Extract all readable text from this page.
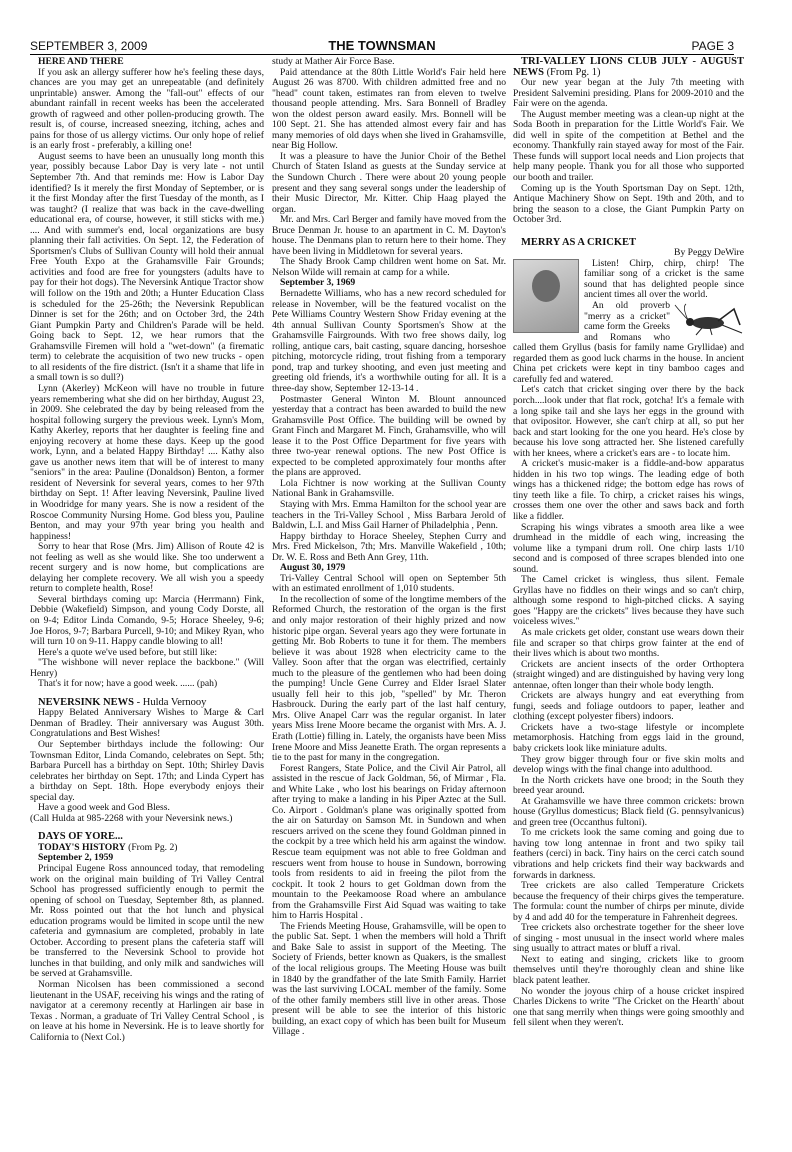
SEPTEMBER 3, 2009	THE TOWNSMAN	PAGE 3

HERE AND THERE

If you ask an allergy sufferer how he's feeling these days, chances are you may get an unrepeatable (and definitely unprintable) answer. Among the "fall-out" effects of our abundant rainfall in recent weeks has been the accelerated growth of ragweed and other pollen-producing growth. The result is, of course, increased sneezing, itching, aches and pains for those of us allergy victims. Our only hope of relief is an early frost - preferably, a killing one!

August seems to have been an unusually long month this year, possibly because Labor Day is very late - not until September 7th. And that reminds me: How is Labor Day identified? Is it merely the first Monday of September, or is it the first Monday after the first Tuesday of the month, as I was taught? (I realize that was back in the cave-dwelling educational era, of course, however, it still sticks with me.) .... And with summer's end, local organizations are busy planning their fall activities. On Sept. 12, the Federation of Sportsmen's Clubs of Sullivan County will hold their annual Free Youth Expo at the Grahamsville Fair Grounds; activities and food are free for youngsters (adults have to pay for their hot dogs). The Neversink Antique Tractor show will follow on the 19th and 20th; a Hunter Education Class is scheduled for the 25-26th; the Neversink Republican Dinner is set for the 26th; and on October 3rd, the 24th Giant Pumpkin Party and Children's Parade will be held. Going back to Sept. 12, we hear rumors that the Grahamsville Firemen will hold a "wet-down" (a firematic term) to celebrate the acquisition of two new trucks - open to all residents of the fire district. (Isn't it a shame that life in a small town is so dull?)

Lynn (Akerley) McKeon will have no trouble in future years remembering what she did on her birthday, August 23, in 2009. She celebrated the day by being released from the hospital following surgery the previous week. Lynn's Mom, Kathy Akerley, reports that her daughter is feeling fine and enjoying recovery at home these days. Keep up the good work, Lynn, and a belated Happy Birthday! .... Kathy also gave us another news item that will be of interest to many "seniors" in the area: Pauline (Donaldson) Benton, a former resident of Neversink for several years, comes to her 97th birthday on Sept. 1! After leaving Neversink, Pauline lived in Woodridge for many years. She is now a resident of the Roscoe Community Nursing Home. God bless you, Pauline Benton, and may your 97th year bring you health and happiness!

Sorry to hear that Rose (Mrs. Jim) Allison of Route 42 is not feeling as well as she would like. She too underwent a recent surgery and is now home, but complications are delaying her complete recovery. We all wish you a speedy return to complete health, Rose!

Several birthdays coming up: Marcia (Herrmann) Fink, Debbie (Wakefield) Simpson, and young Cody Dorste, all on 9-4; Editor Linda Comando, 9-5; Horace Sheeley, 9-6; Joe Horos, 9-7; Barbara Purcell, 9-10; and Mikey Ryan, who will turn 10 on 9-11. Happy candle blowing to all!

Here's a quote we've used before, but still like:

"The wishbone will never replace the backbone." (Will Henry)

That's it for now; have a good week. ...... (pah)

NEVERSINK NEWS - Hulda Vernooy

Happy Belated Anniversary Wishes to Marge & Carl Denman of Bradley. Their anniversary was August 30th. Congratulations and Best Wishes!

Our September birthdays include the following: Our Townsman Editor, Linda Comando, celebrates on Sept. 5th; Barbara Purcell has a birthday on Sept. 10th; Shirley Davis celebrates her birthday on Sept. 17th; and Linda Cypert has a birthday on Sept. 18th. Hope everybody enjoys their special day.

Have a good week and God Bless.

(Call Hulda at 985-2268 with your Neversink news.)

DAYS OF YORE...

TODAY'S HISTORY (From Pg. 2)

September 2, 1959

Principal Eugene Ross announced today, that remodeling work on the original main building of Tri Valley Central School has progressed sufficiently enough to permit the opening of school on Tuesday, September 8th, as planned. Mr. Ross pointed out that the hot lunch and physical education programs would be limited in scope until the new cafeteria and gymnasium are completed, probably in late October. According to present plans the cafeteria staff will be transferred to the Neversink School to provide hot lunches in that building, and only milk and sandwiches will be served at Grahamsville.

Norman Nicolsen has been commissioned a second lieutenant in the USAF, receiving his wings and the rating of navigator at a ceremony recently at Harlingen air base in Texas . Norman, a graduate of Tri Valley Central School , is on leave at his home in Neversink. He is to leave shortly for California to (Next Col.)

study at Mather Air Force Base.

Paid attendance at the 80th Little World's Fair held here August 26 was 8700. With children admitted free and no "head" count taken, estimates ran from eleven to twelve thousand people attending. Mrs. Sara Bonnell of Bradley won the oldest person award easily. Mrs. Bonnell will be 100 Sept. 21. She has attended almost every fair and has many memories of old days when she lived in Grahamsville, near Big Hollow.

It was a pleasure to have the Junior Choir of the Bethel Church of Staten Island as guests at the Sunday service at the Sundown Church . There were about 20 young people present and they sang several songs under the leadership of their Music Director, Mr. Kitter. Chip Haag played the organ.

Mr. and Mrs. Carl Berger and family have moved from the Bruce Denman Jr. house to an apartment in C. M. Dayton's house. The Denmans plan to return here to their home. They have been living in Middletown for several years.

The Shady Brook Camp children went home on Sat. Mr. Nelson Wilde will remain at camp for a while.

September 3, 1969

Bernadette Williams, who has a new record scheduled for release in November, will be the featured vocalist on the Pete Williams Country Western Show Friday evening at the 4th annual Sullivan County Sportsmen's Show at the Grahamsville Fairgrounds. With two free shows daily, log rolling, antique cars, bait casting, square dancing, horseshoe pitching, motorcycle riding, trout fishing from a temporary pond, trap and turkey shooting, and even just meeting and greeting old friends, it's a worthwhile outing for all. It is a three-day show, September 12-13-14 .

Postmaster General Winton M. Blount announced yesterday that a contract has been awarded to build the new Grahamsville Post Office. The building will be owned by Grant Finch and Margaret M. Finch, Grahamsville, who will lease it to the Post Office Department for five years with three two-year renewal options. The new Post Office is expected to be completed approximately four months after the plans are approved.

Lola Fichtner is now working at the Sullivan County National Bank in Grahamsville.

Staying with Mrs. Emma Hamilton for the school year are teachers in the Tri-Valley School , Miss Barbara Jerold of Baldwin, L.I. and Miss Gail Harner of Philadelphia , Penn.

Happy birthday to Horace Sheeley, Stephen Curry and Mrs. Fred Mickelson, 7th; Mrs. Manville Wakefield , 10th; Dr. W. E. Ross and Beth Ann Grey, 11th.

August 30, 1979

Tri-Valley Central School will open on September 5th with an estimated enrollment of 1,010 students.

In the recollection of some of the longtime members of the Reformed Church, the restoration of the organ is the first and only major restoration of their highly prized and now historic pipe organ. Several years ago they were fortunate in getting Mr. Bob Roberts to tune it for them. The members believe it was about 1928 when electricity came to the Valley. Soon after that the organ was electrified, certainly much to the pleasure of the gentlemen who had been doing the pumping! Uncle Gene Currey and Elder Israel Slater usually fell heir to this job, "spelled" by Mr. Theron Hasbrouck. During the early part of the last half century, Mrs. Olive Anapel Carr was the regular organist. In later years Miss Irene Moore became the organist with Mrs. A. J. Erath (Lottie) filling in. Lately, the organists have been Miss Irene Moore and Miss Jeanette Erath. The organ represents a tie to the past for many in the congregation.

Forest Rangers, State Police, and the Civil Air Patrol, all assisted in the rescue of Jack Goldman, 56, of Mirmar , Fla. and White Lake , who lost his bearings on Friday afternoon after trying to make a landing in his Piper Aztec at the Sull. Co. Airport . Goldman's plane was originally spotted from the air on Saturday on Samson Mt. in Sundown and when rescuers arrived on the scene they found Goldman pinned in the cockpit by a tree which held his arm against the window. Rescue team equipment was not able to free Goldman and rescuers went from house to house in Sundown, borrowing tools from residents to aid in freeing the pilot from the cockpit. It took 2 hours to get Goldman down from the mountain to the Peekamoose Road where an ambulance from the Grahamsville First Aid Squad was waiting to take him to Harris Hospital .

The Friends Meeting House, Grahamsville, will be open to the public Sat. Sept. 1 when the members will hold a Thrift and Bake Sale to assist in support of the Meeting. The Society of Friends, better known as Quakers, is the smallest of the local religious groups. The Meeting House was built in 1840 by the grandfather of the late Smith Family. Harriet was the last surviving LOCAL member of the family. Some of the other family members still live in other areas. Those present will be able to see the interior of this historic building, an exact copy of which has been built for Museum Village .

TRI-VALLEY LIONS CLUB JULY - AUGUST NEWS (From Pg. 1)

Our new year began at the July 7th meeting with President Salvemini presiding. Plans for 2009-2010 and the Fair were on the agenda.

The August member meeting was a clean-up night at the Soda Booth in preparation for the Little World's Fair. We did well in spite of the competition at Bethel and the economy. Thankfully rain stayed away for most of the Fair. These funds will support local needs and Lion projects that help many people. Thank you for all those who supported our booth and trailer.

Coming up is the Youth Sportsman Day on Sept. 12th, Antique Machinery Show on Sept. 19th and 20th, and to bring the season to a close, the Giant Pumpkin Party on October 3rd.

MERRY AS A CRICKET

By Peggy DeWire

Listen! Chirp, chirp, chirp! The familiar song of a cricket is the same sound that has delighted people since ancient times all over the world.

An old proverb "merry as a cricket" came form the Greeks and Romans who called them Gryllus (basis for family name Gryllidae) and regarded them as good luck charms in the house. In ancient China pet crickets were kept in tiny bamboo cages and carefully fed and watered.

Let's catch that cricket singing over there by the back porch....look under that flat rock, gotcha! It's a female with a long spike tail and she lays her eggs in the ground with that ovipositor. However, she can't chirp at all, so put her back and start looking for the one you heard. He's close by because his love song attracted her. She listened carefully with her knees, where a cricket's ears are - to locate him.

A cricket's music-maker is a fiddle-and-bow apparatus hidden in his two top wings. The leading edge of both wings has a thickened ridge; the bottom edge has rows of tiny teeth like a file. To chirp, a cricket raises his wings, crosses them one over the other and saws back and forth like a fiddler.

Scraping his wings vibrates a smooth area like a wee drumhead in the middle of each wing, increasing the volume like a tympani drum roll. One chirp lasts 1/10 second and is composed of three scrapes blended into one sound.

The Camel cricket is wingless, thus silent. Female Gryllas have no fiddles on their wings and so can't chirp, although some respond to high-pitched clicks. A saying goes "Happy are the crickets" lives because they have such voiceless wives."

As male crickets get older, constant use wears down their file and scraper so that chirps grow fainter at the end of their lives which is about two months.

Crickets are ancient insects of the order Orthoptera (straight winged) and are distinguished by having very long antennae, often longer than their whole body length.

Crickets are always hungry and eat everything from fungi, seeds and foliage outdoors to paper, leather and clothing (except polyester fibers) indoors.

Crickets have a two-stage lifestyle or incomplete metamorphosis. Hatching from eggs laid in the ground, baby crickets look like miniature adults.

They grow bigger through four or five skin molts and develop wings with the final change into adulthood.

In the North crickets have one brood; in the South they breed year around.

At Grahamsville we have three common crickets: brown house (Gryllus domesticus; Black field (G. pennsylvanicus) and green tree (Occanthus fultoni).

To me crickets look the same coming and going due to having tow long antennae in front and two spiky tail feathers (cerci) in back. Tiny hairs on the cerci catch sound vibrations and help crickets find their way backwards and forwards in darkness.

Tree crickets are also called Temperature Crickets because the frequency of their chirps gives the temperature. The formula: count the number of chirps per minute, divide by 4 and add 40 for the temperature in Fahrenheit degrees.

Tree crickets also orchestrate together for the sheer love of singing - most unusual in the insect world where males sing usually to attract mates or bluff a rival.

Next to eating and singing, crickets like to groom themselves until they're thoroughly clean and shine like black patent leather.

No wonder the joyous chirp of a house cricket inspired Charles Dickens to write "The Cricket on the Hearth' about one that sang merrily when things were going smoothly and fell silent when they weren't.
